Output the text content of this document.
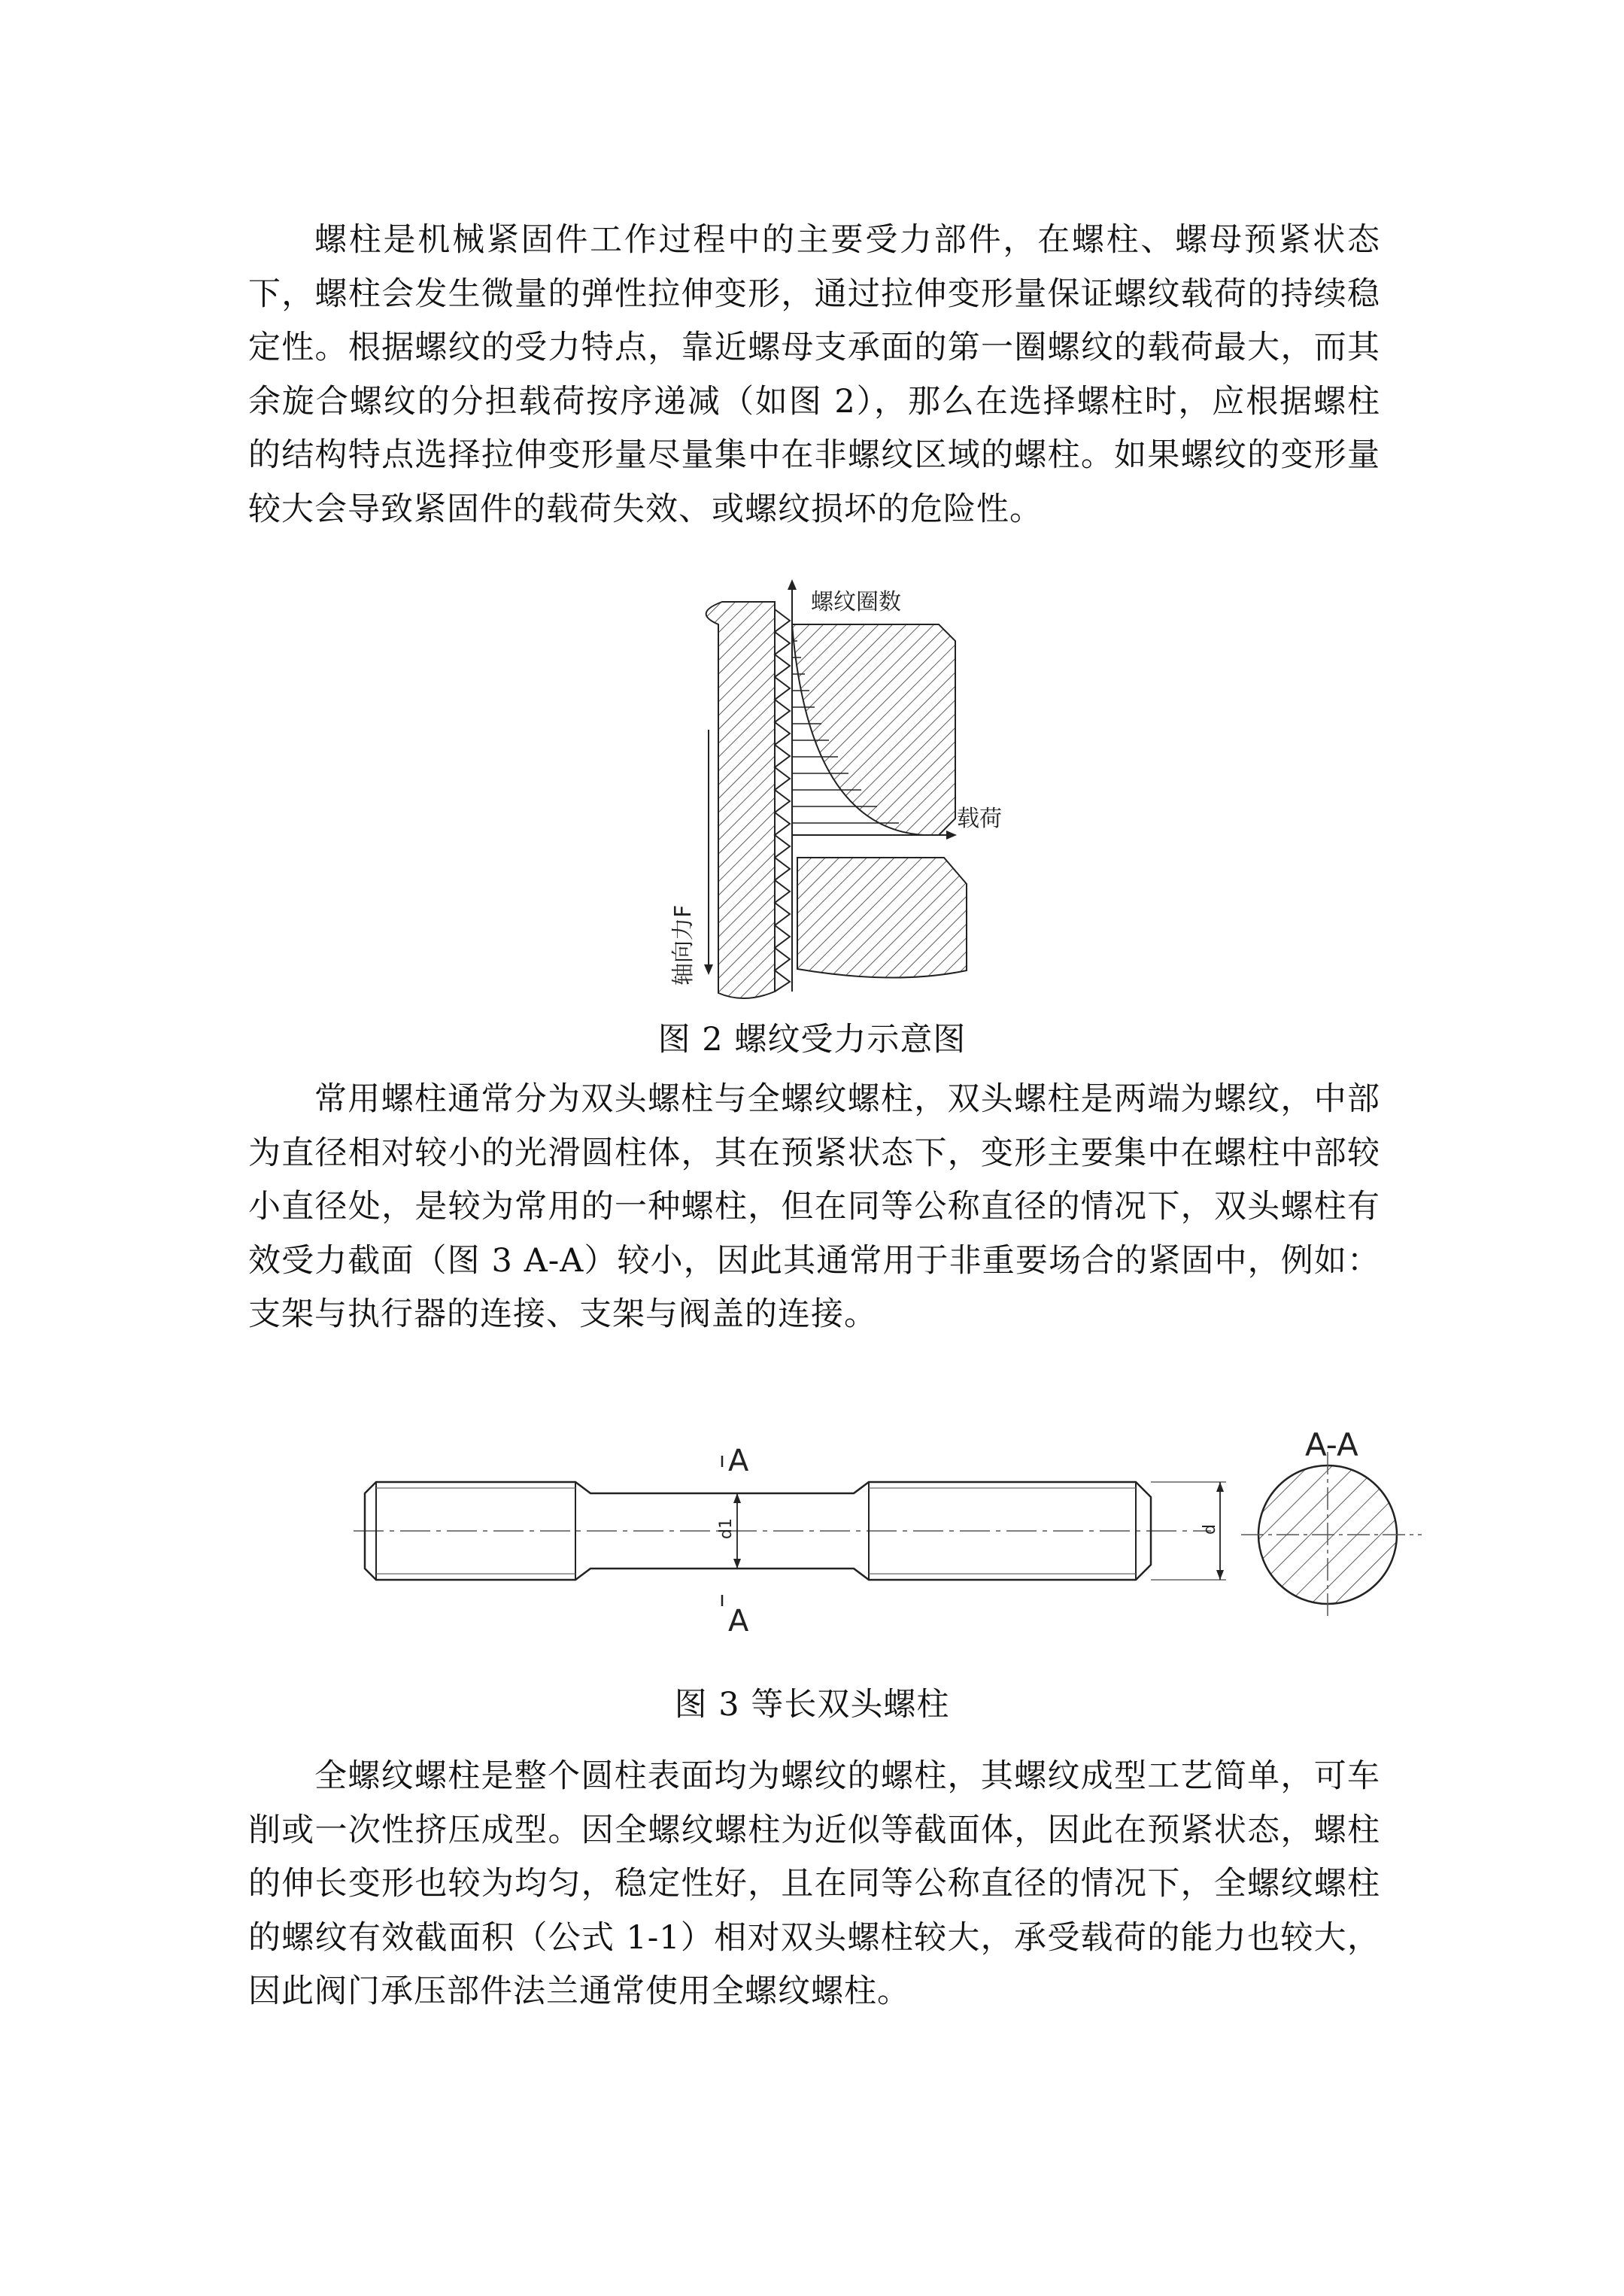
螺柱是机械紧固件工作过程中的主要受力部件，在螺柱、螺母预紧状态下，螺柱会发生微量的弹性拉伸变形，通过拉伸变形量保证螺纹载荷的持续稳定性。根据螺纹的受力特点，靠近螺母支承面的第一圈螺纹的载荷最大，而其余旋合螺纹的分担载荷按序递减（如图 2），那么在选择螺柱时，应根据螺柱的结构特点选择拉伸变形量尽量集中在非螺纹区域的螺柱。如果螺纹的变形量较大会导致紧固件的载荷失效、或螺纹损坏的危险性。

螺纹圈数
载荷
轴向力F

图 2 螺纹受力示意图

常用螺柱通常分为双头螺柱与全螺纹螺柱，双头螺柱是两端为螺纹，中部为直径相对较小的光滑圆柱体，其在预紧状态下，变形主要集中在螺柱中部较小直径处，是较为常用的一种螺柱，但在同等公称直径的情况下，双头螺柱有效受力截面（图 3 A-A）较小，因此其通常用于非重要场合的紧固中，例如：支架与执行器的连接、支架与阀盖的连接。

A
A
d1	d
A-A

图 3 等长双头螺柱

全螺纹螺柱是整个圆柱表面均为螺纹的螺柱，其螺纹成型工艺简单，可车削或一次性挤压成型。因全螺纹螺柱为近似等截面体，因此在预紧状态，螺柱的伸长变形也较为均匀，稳定性好，且在同等公称直径的情况下，全螺纹螺柱的螺纹有效截面积（公式 1-1）相对双头螺柱较大，承受载荷的能力也较大，因此阀门承压部件法兰通常使用全螺纹螺柱。
